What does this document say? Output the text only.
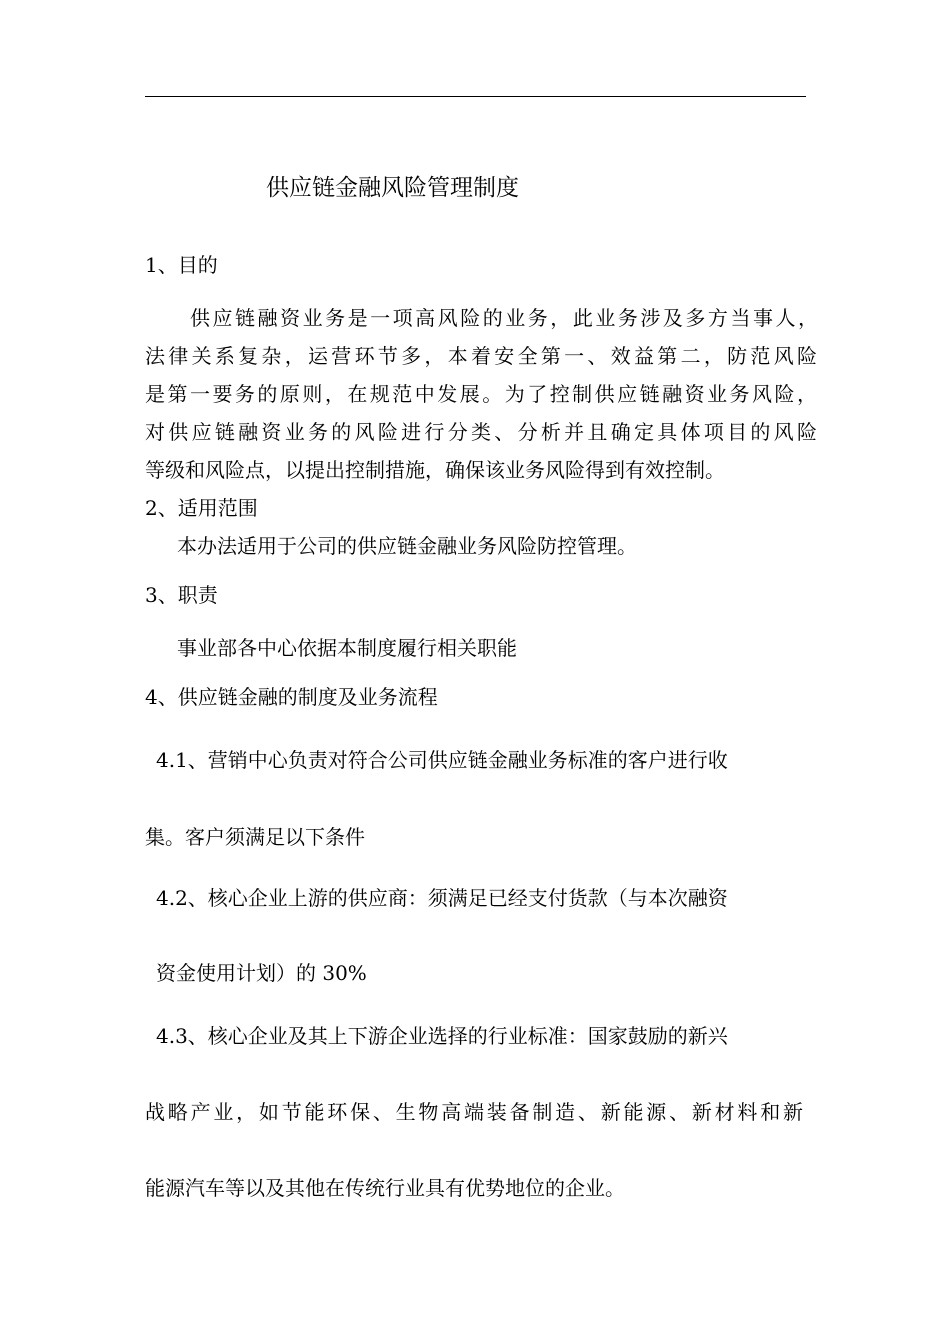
供应链金融风险管理制度
1、目的
供应链融资业务是一项高风险的业务，此业务涉及多方当事人，
法律关系复杂，运营环节多，本着安全第一、效益第二，防范风险
是第一要务的原则，在规范中发展。为了控制供应链融资业务风险，
对供应链融资业务的风险进行分类、分析并且确定具体项目的风险
等级和风险点，以提出控制措施，确保该业务风险得到有效控制。
2、适用范围
本办法适用于公司的供应链金融业务风险防控管理。
3、职责
事业部各中心依据本制度履行相关职能
4、供应链金融的制度及业务流程
4.1、营销中心负责对符合公司供应链金融业务标准的客户进行收
集。客户须满足以下条件
4.2、核心企业上游的供应商：须满足已经支付货款（与本次融资
资金使用计划）的 30%
4.3、核心企业及其上下游企业选择的行业标准：国家鼓励的新兴
战略产业，如节能环保、生物高端装备制造、新能源、新材料和新
能源汽车等以及其他在传统行业具有优势地位的企业。
